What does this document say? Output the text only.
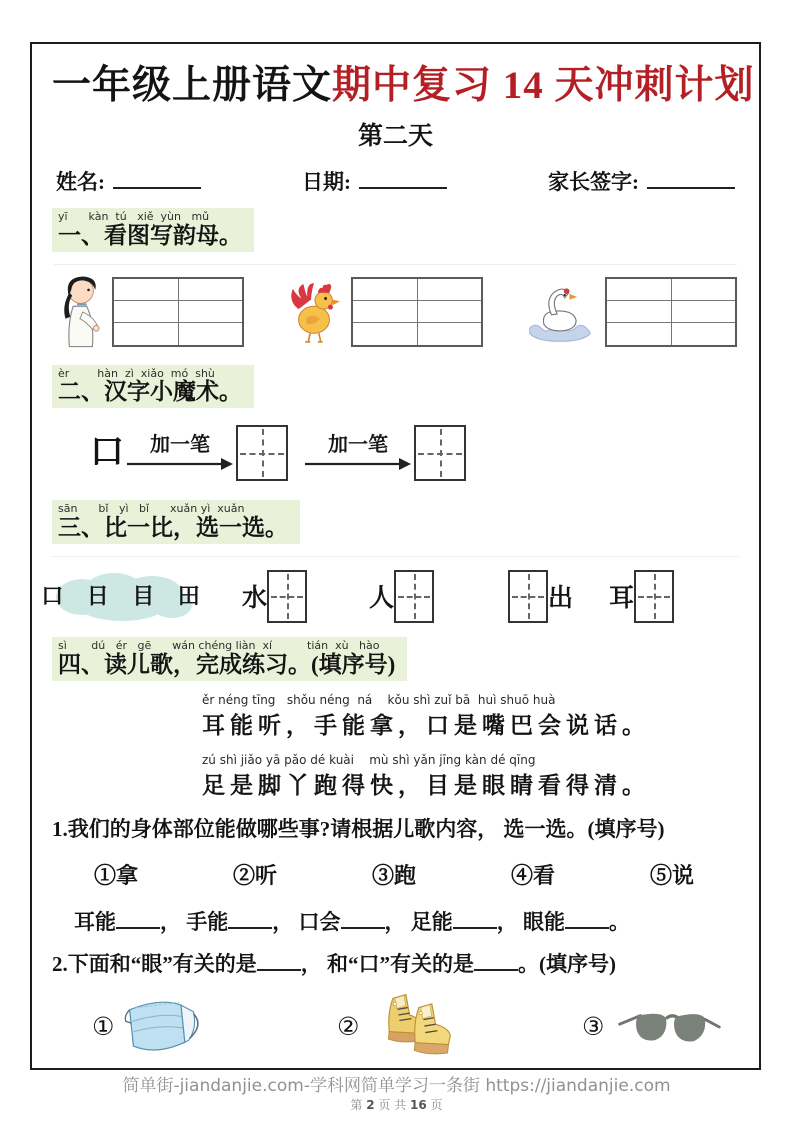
一年级上册语文期中复习 14 天冲刺计划
第二天
姓名:	日期:	家长签字:
yī      kàn  tú   xiě  yùn   mǔ
一、看图写韵母。
èr        hàn  zì  xiǎo  mó  shù
二、汉字小魔术。
口	加一笔	加一笔
sān      bǐ   yì   bǐ      xuǎn yì  xuǎn
三、比一比，选一选。
口 日 目 田 水	人	出 耳
sì       dú   ér   gē      wán chéng liàn  xí          tián  xù   hào
四、读儿歌，完成练习。(填序号)
ěr néng tīng   shǒu néng  ná    kǒu shì zuǐ bā  huì shuō huà
耳能听，手能拿，口是嘴巴会说话。
zú shì jiǎo yā pǎo dé kuài    mù shì yǎn jīng kàn dé qīng
足是脚丫跑得快，目是眼睛看得清。
1.我们的身体部位能做哪些事?请根据儿歌内容， 选一选。(填序号)
①拿	②听	③跑	④看	⑤说
耳能 ， 手能 ， 口会 ， 足能 ， 眼能 。
2.下面和“眼”有关的是 ， 和“口”有关的是 。(填序号)
①	②	③
简单街-jiandanjie.com-学科网简单学习一条街 https://jiandanjie.com
第 2 页 共 16 页
